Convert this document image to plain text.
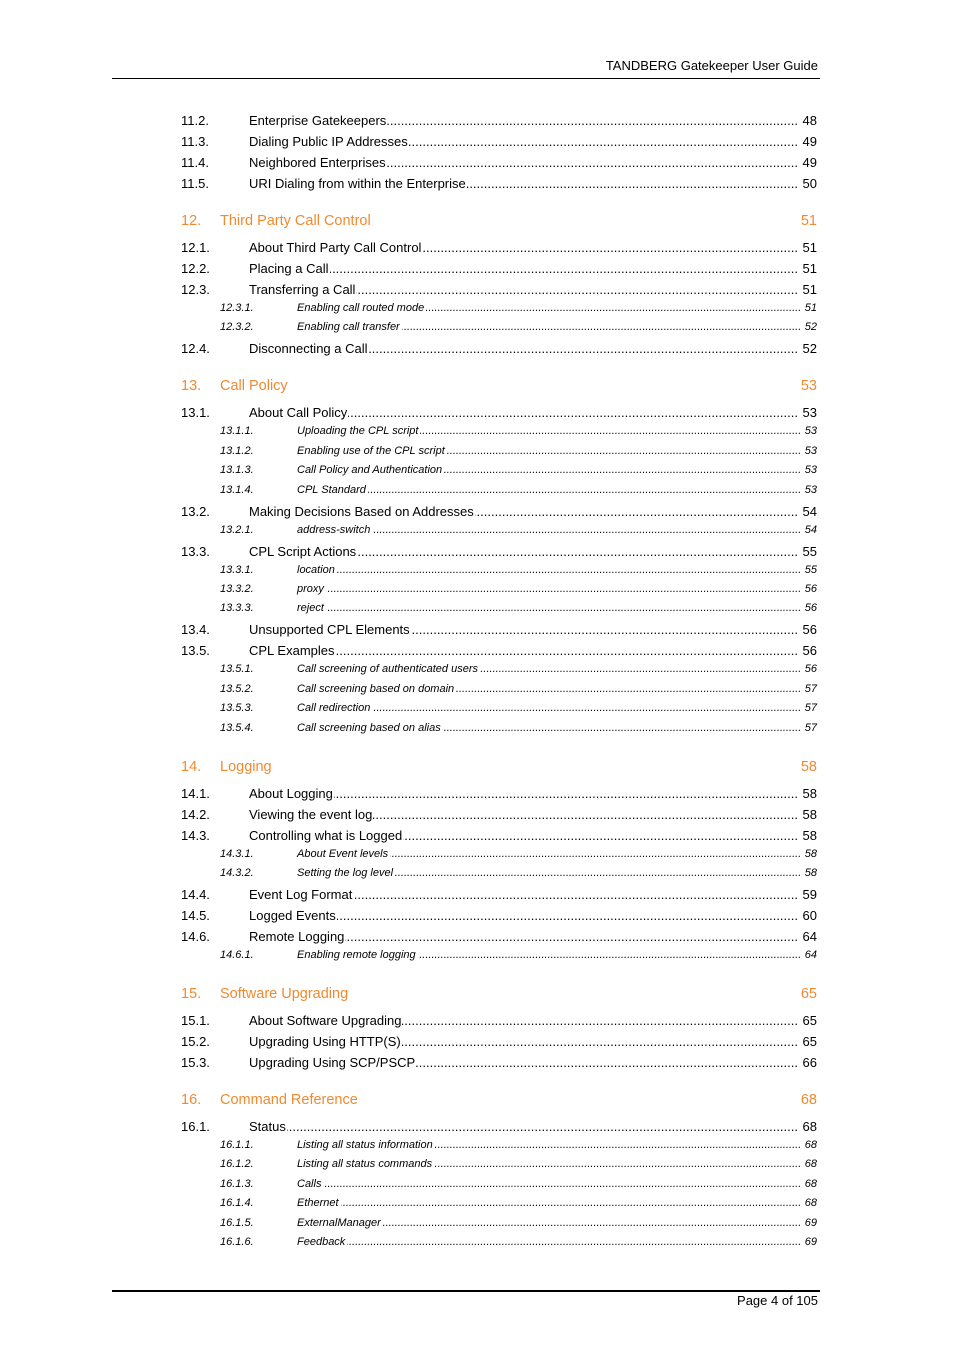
TANDBERG Gatekeeper User Guide
11.2. .....	Enterprise Gatekeepers	48
11.3. .....	Dialing Public IP Addresses	49
11.4. .....	Neighbored Enterprises	49
11.5. .....	URI Dialing from within the Enterprise	50
12. Third Party Call Control	51
12.1. .....	About Third Party Call Control	51
12.2. .....	Placing a Call	51
12.3. .....	Transferring a Call	51
12.3.1. .....	Enabling call routed mode	51
12.3.2. .....	Enabling call transfer	52
12.4. .....	Disconnecting a Call	52
13. Call Policy	53
13.1. .....	About Call Policy	53
13.1.1. .....	Uploading the CPL script	53
13.1.2. .....	Enabling use of the CPL script	53
13.1.3. .....	Call Policy and Authentication	53
13.1.4. .....	CPL Standard	53
13.2. .....	Making Decisions Based on Addresses	54
13.2.1. .....	address-switch	54
13.3. .....	CPL Script Actions	55
13.3.1. .....	location	55
13.3.2. .....	proxy	56
13.3.3. .....	reject	56
13.4. .....	Unsupported CPL Elements	56
13.5. .....	CPL Examples	56
13.5.1. .....	Call screening of authenticated users	56
13.5.2. .....	Call screening based on domain	57
13.5.3. .....	Call redirection	57
13.5.4. .....	Call screening based on alias	57
14. Logging	58
14.1. .....	About Logging	58
14.2. .....	Viewing the event log	58
14.3. .....	Controlling what is Logged	58
14.3.1. .....	About Event levels	58
14.3.2. .....	Setting the log level	58
14.4. .....	Event Log Format	59
14.5. .....	Logged Events	60
14.6. .....	Remote Logging	64
14.6.1. .....	Enabling remote logging	64
15. Software Upgrading	65
15.1. .....	About Software Upgrading	65
15.2. .....	Upgrading Using HTTP(S)	65
15.3. .....	Upgrading Using SCP/PSCP	66
16. Command Reference	68
16.1. .....	Status	68
16.1.1. .....	Listing all status information	68
16.1.2. .....	Listing all status commands	68
16.1.3. .....	Calls	68
16.1.4. .....	Ethernet	68
16.1.5. .....	ExternalManager	69
16.1.6. .....	Feedback	69
Page 4 of 105
